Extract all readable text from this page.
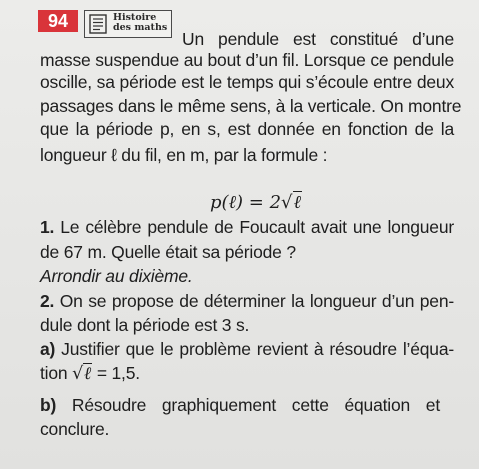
94	Histoire
des maths
Un pendule est constitué d’une
masse suspendue au bout d’un fil. Lorsque ce pendule
oscille, sa période est le temps qui s’écoule entre deux
passages dans le même sens, à la verticale. On montre
que la période p, en s, est donnée en fonction de la
longueur ℓ du fil, en m, par la formule :
p(ℓ) = 2√ℓ
1. Le célèbre pendule de Foucault avait une longueur
de 67 m. Quelle était sa période ?
Arrondir au dixième.
2. On se propose de déterminer la longueur d’un pen-
dule dont la période est 3 s.
a) Justifier que le problème revient à résoudre l’équa-
tion √ℓ = 1,5.
b) Résoudre graphiquement cette équation et
conclure.
